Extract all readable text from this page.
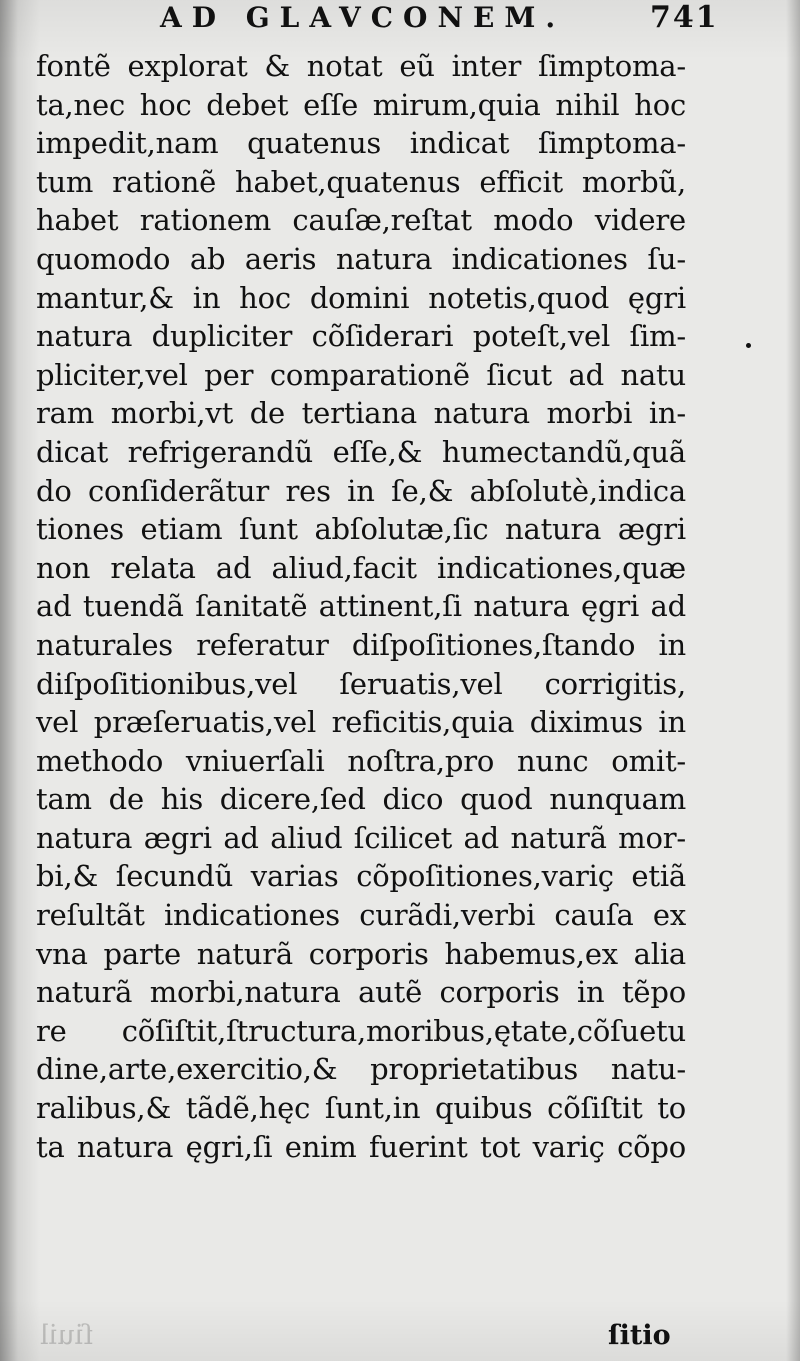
AD GLAVCONEM.	741
fontẽ explorat & notat eũ inter ſimptoma-
ta,nec hoc debet eſſe mirum,quia nihil hoc
impedit,nam quatenus indicat ſimptoma-
tum rationẽ habet,quatenus efficit morbũ,
habet rationem cauſæ,reſtat modo videre
quomodo ab aeris natura indicationes ſu-
mantur,& in hoc domini notetis,quod ęgri
natura dupliciter cõſiderari poteſt,vel ſim-
pliciter,vel per comparationẽ ſicut ad natu
ram morbi,vt de tertiana natura morbi in-
dicat refrigerandũ eſſe,& humectandũ,quã
do conſiderãtur res in ſe,& abſolutè,indica
tiones etiam ſunt abſolutæ,ſic natura ægri
non relata ad aliud,facit indicationes,quæ
ad tuendã ſanitatẽ attinent,ſi natura ęgri ad
naturales referatur diſpoſitiones,ſtando in
diſpoſitionibus,vel ſeruatis,vel corrigitis,
vel præſeruatis,vel reficitis,quia diximus in
methodo vniuerſali noſtra,pro nunc omit-
tam de his dicere,ſed dico quod nunquam
natura ægri ad aliud ſcilicet ad naturã mor-
bi,& ſecundũ varias cõpoſitiones,variç etiã
reſultãt indicationes curãdi,verbi cauſa ex
vna parte naturã corporis habemus,ex alia
naturã morbi,natura autẽ corporis in tẽpo
re cõſiſtit,ſtructura,moribus,ętate,cõſuetu
dine,arte,exercitio,& proprietatibus natu-
ralibus,& tãdẽ,hęc ſunt,in quibus cõſiſtit to
ta natura ęgri,ſi enim fuerint tot variç cõpo
ſiuil	ſitio
